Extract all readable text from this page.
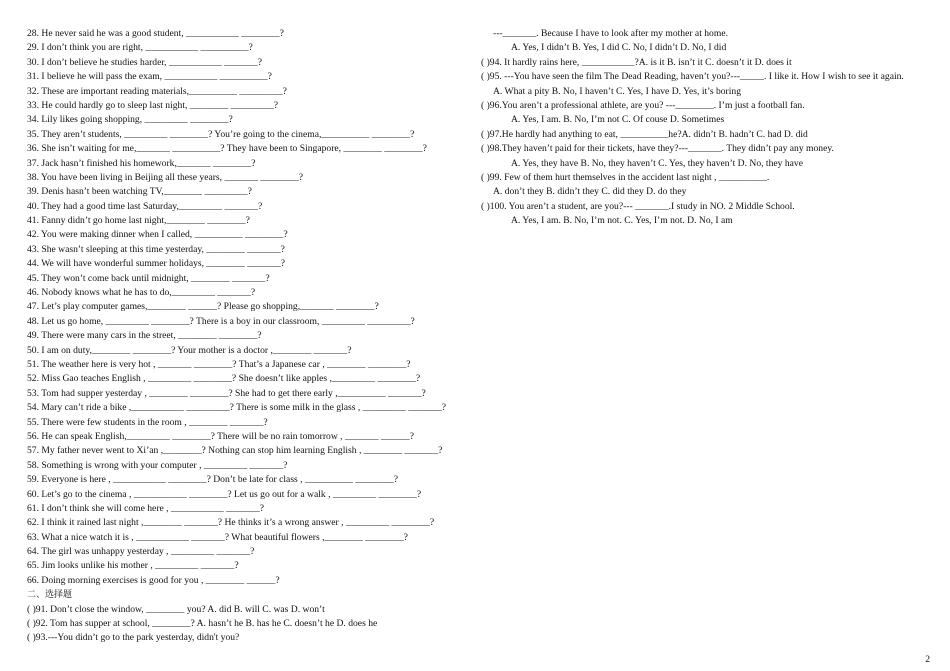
28. He never said he was a good student, ___________ ________?
29. I don’t think you are right, ___________ __________?
30. I don’t believe he studies harder, ___________ _______?
31. I believe he will pass the exam, ___________ __________?
32. These are important reading materials,__________ _________?
33. He could hardly go to sleep last night, ________ _________?
34. Lily likes going shopping, _________ ________?
35. They aren’t students, _________ ________? You’re going to the cinema,__________ ________?
36. She isn’t waiting for me,_______ __________? They have been to Singapore, ________ ________?
37. Jack hasn’t finished his homework,_______ ________?
38. You have been living in Beijing all these years, _______ ________?
39. Denis hasn’t been watching TV,________ _________?
40. They had a good time last Saturday,_________ _______?
41. Fanny didn’t go home last night,________ ________?
42. You were making dinner when I called, __________ ________?
43. She wasn’t sleeping at this time yesterday, ________ _______?
44. We will have wonderful summer holidays, ________ _______?
45. They won’t come back until midnight, ________ _______?
46. Nobody knows what he has to do,_________ _______?
47. Let’s play computer games,________ ______? Please go shopping,_______ ________?
48. Let us go home, _________ ________? There is a boy in our classroom, _________ _________?
49. There were many cars in the street, ________ ________?
50. I am on duty,________ ________? Your mother is a doctor ,________ _______?
51. The weather here is very hot , _______ ________? That’s a Japanese car , ________ ________?
52. Miss Gao teaches English , _________ ________? She doesn’t like apples ,_________ ________?
53. Tom had supper yesterday , ________ ________? She had to get there early ,__________ _______?
54. Mary can’t ride a bike ,___________ _________? There is some milk in the glass , _________ _______?
55. There were few students in the room , ________ _______?
56. He can speak English,_________ ________? There will be no rain tomorrow , _______ ______?
57. My father never went to Xi’an ,________? Nothing can stop him learning English , ________ _______?
58. Something is wrong with your computer , _________ _______?
59. Everyone is here , ___________ ________? Don’t be late for class , __________ ________?
60. Let’s go to the cinema , ___________ ________? Let us go out for a walk , _________ ________?
61. I don’t think she will come here , ___________ _______?
62. I think it rained last night ,________ _______? He thinks it’s a wrong answer , _________ ________?
63. What a nice watch it is , ___________ _______? What beautiful flowers ,________ ________?
64. The girl was unhappy yesterday , _________ _______?
65. Jim looks unlike his mother , _________ _______?
66. Doing morning exercises is good for you , ________ ______?
二、选择题
( )91. Don’t close the window, ________ you? A. did B. will C. was D. won’t
( )92. Tom has supper at school, ________? A. hasn’t he B. has he C. doesn’t he D. does he
( )93.---You didn’t go to the park yesterday, didn't you?
---_______. Because I have to look after my mother at home.
A. Yes, I didn’t B. Yes, I did C. No, I didn’t D. No, I did
( )94. It hardly rains here, ___________?A. is it B. isn’t it C. doesn’t it D. does it
( )95. ---You have seen the film The Dead Reading, haven’t you?---_____. I like it. How I wish to see it again.
A. What a pity B. No, I haven’t C. Yes, I have D. Yes, it’s boring
( )96.You aren’t a professional athlete, are you? ---________. I’m just a football fan.
A. Yes, I am. B. No, I’m not C. Of couse D. Sometimes
( )97.He hardly had anything to eat, __________he?A. didn’t B. hadn’t C. had D. did
( )98.They haven’t paid for their tickets, have they?---_______. They didn’t pay any money.
A. Yes, they have B. No, they haven’t C. Yes, they haven’t D. No, they have
( )99. Few of them hurt themselves in the accident last night , __________.
A. don’t they B. didn’t they C. did they D. do they
( )100. You aren’t a student, are you?--- _______.I study in NO. 2 Middle School.
A. Yes, I am. B. No, I’m not. C. Yes, I’m not. D. No, I am
2
